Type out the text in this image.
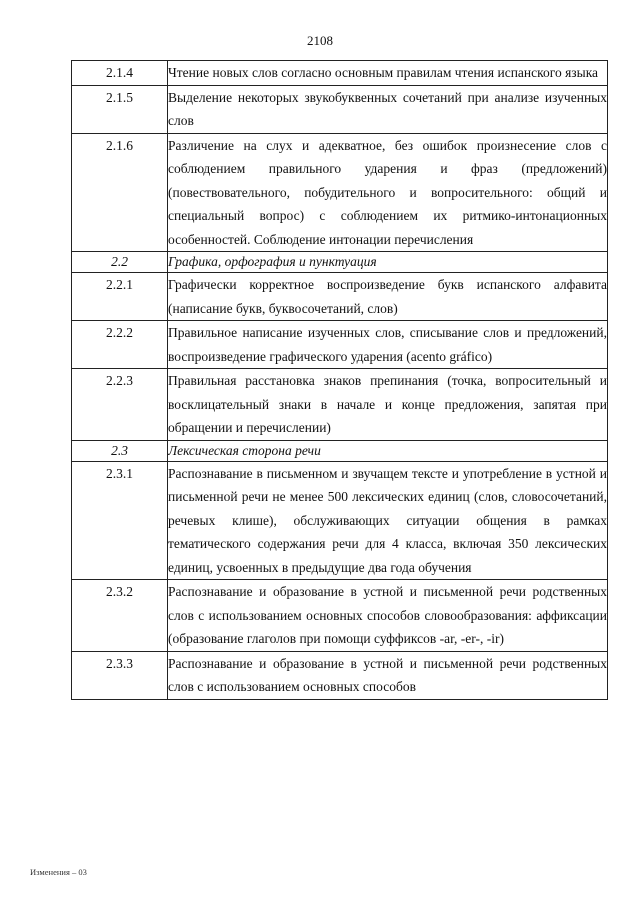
2108
2.1.4	Чтение новых слов согласно основным правилам чтения испанского языка
2.1.5	Выделение некоторых звукобуквенных сочетаний при анализе изученных слов
2.1.6	Различение на слух и адекватное, без ошибок произнесение слов с соблюдением правильного ударения и фраз (предложений) (повествовательного, побудительного и вопросительного: общий и специальный вопрос) с соблюдением их ритмико-интонационных особенностей. Соблюдение интонации перечисления
2.2	Графика, орфография и пунктуация
2.2.1	Графически корректное воспроизведение букв испанского алфавита (написание букв, буквосочетаний, слов)
2.2.2	Правильное написание изученных слов, списывание слов и предложений, воспроизведение графического ударения (acento gráfico)
2.2.3	Правильная расстановка знаков препинания (точка, вопросительный и восклицательный знаки в начале и конце предложения, запятая при обращении и перечислении)
2.3	Лексическая сторона речи
2.3.1	Распознавание в письменном и звучащем тексте и употребление в устной и письменной речи не менее 500 лексических единиц (слов, словосочетаний, речевых клише), обслуживающих ситуации общения в рамках тематического содержания речи для 4 класса, включая 350 лексических единиц, усвоенных в предыдущие два года обучения
2.3.2	Распознавание и образование в устной и письменной речи родственных слов с использованием основных способов словообразования: аффиксации (образование глаголов при помощи суффиксов -ar, -er-, -ir)
2.3.3	Распознавание и образование в устной и письменной речи родственных слов с использованием основных способов
Изменения – 03
